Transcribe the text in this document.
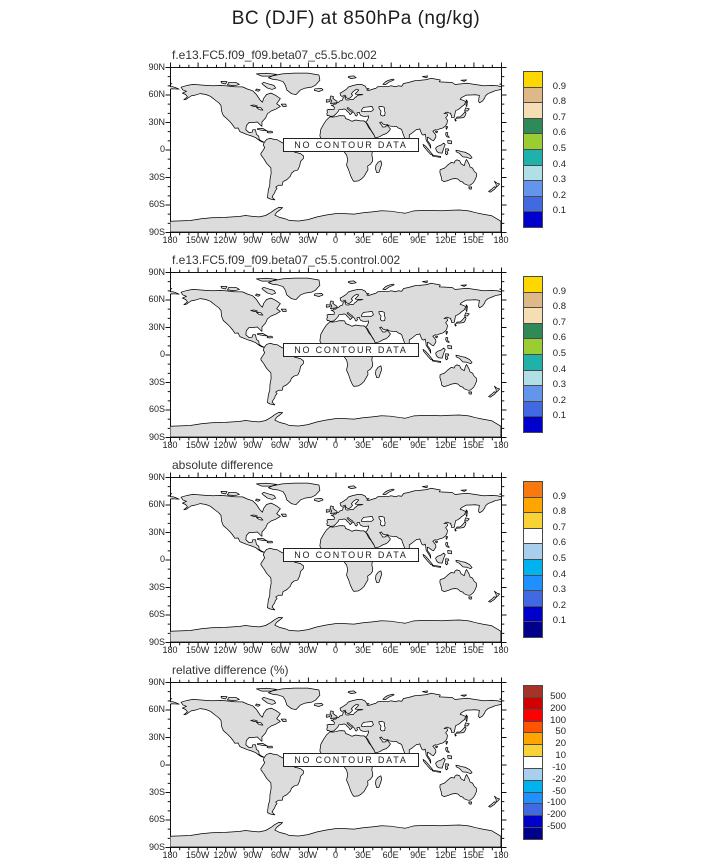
BC (DJF) at 850hPa (ng/kg)
f.e13.FC5.f09_f09.beta07_c5.5.bc.002
90N
60N
30N
0
30S
60S
90S
180 150W 120W 90W	60W	30W	0	30E	60E	90E	120E 150E	180
NO CONTOUR DATA
0.9
0.8
0.7
0.6
0.5
0.4
0.3
0.2
0.1
f.e13.FC5.f09_f09.beta07_c5.5.control.002
90N
60N
30N
0
30S
60S
90S
180 150W 120W 90W	60W	30W	0	30E	60E	90E	120E 150E	180
NO CONTOUR DATA
0.9
0.8
0.7
0.6
0.5
0.4
0.3
0.2
0.1
absolute difference
90N
60N
30N
0
30S
60S
90S
180 150W 120W 90W	60W	30W	0	30E	60E	90E	120E 150E	180
NO CONTOUR DATA
0.9
0.8
0.7
0.6
0.5
0.4
0.3
0.2
0.1
relative difference (%)
90N
60N
30N
0
30S
60S
90S
180 150W 120W 90W	60W	30W	0	30E	60E	90E	120E 150E	180
NO CONTOUR DATA
500
200
100
50
20
10
-10
-20
-50
-100
-200
-500
